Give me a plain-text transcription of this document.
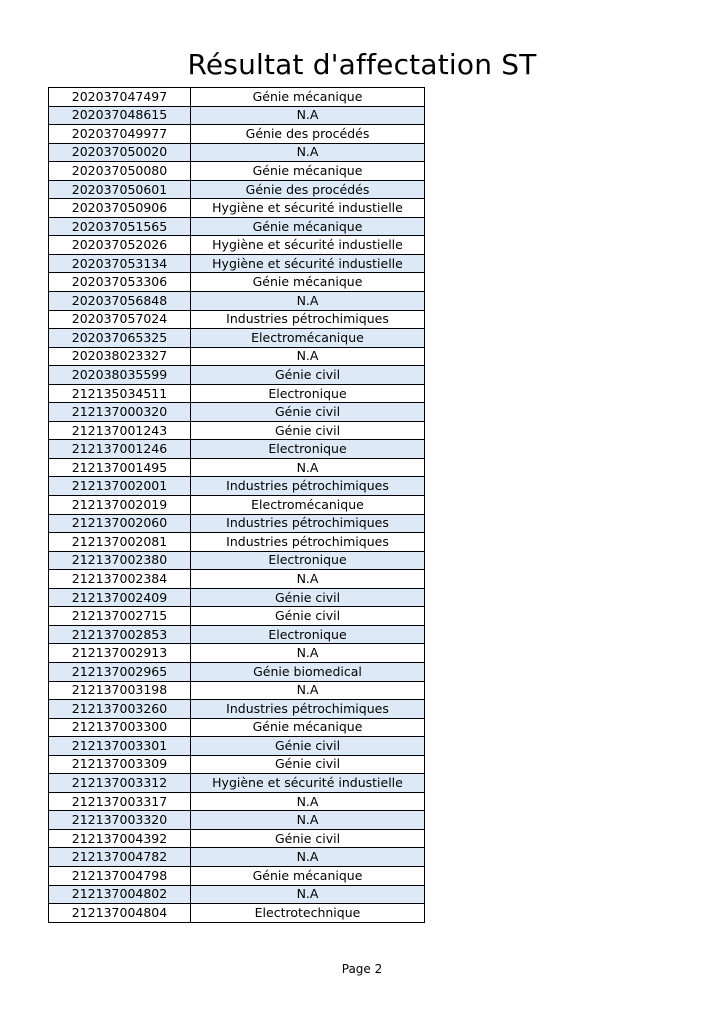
Résultat d'affectation ST
202037047497	Génie mécanique
202037048615	N.A
202037049977	Génie des procédés
202037050020	N.A
202037050080	Génie mécanique
202037050601	Génie des procédés
202037050906	Hygiène et sécurité industielle
202037051565	Génie mécanique
202037052026	Hygiène et sécurité industielle
202037053134	Hygiène et sécurité industielle
202037053306	Génie mécanique
202037056848	N.A
202037057024	Industries pétrochimiques
202037065325	Electromécanique
202038023327	N.A
202038035599	Génie civil
212135034511	Electronique
212137000320	Génie civil
212137001243	Génie civil
212137001246	Electronique
212137001495	N.A
212137002001	Industries pétrochimiques
212137002019	Electromécanique
212137002060	Industries pétrochimiques
212137002081	Industries pétrochimiques
212137002380	Electronique
212137002384	N.A
212137002409	Génie civil
212137002715	Génie civil
212137002853	Electronique
212137002913	N.A
212137002965	Génie biomedical
212137003198	N.A
212137003260	Industries pétrochimiques
212137003300	Génie mécanique
212137003301	Génie civil
212137003309	Génie civil
212137003312	Hygiène et sécurité industielle
212137003317	N.A
212137003320	N.A
212137004392	Génie civil
212137004782	N.A
212137004798	Génie mécanique
212137004802	N.A
212137004804	Electrotechnique
Page 2
